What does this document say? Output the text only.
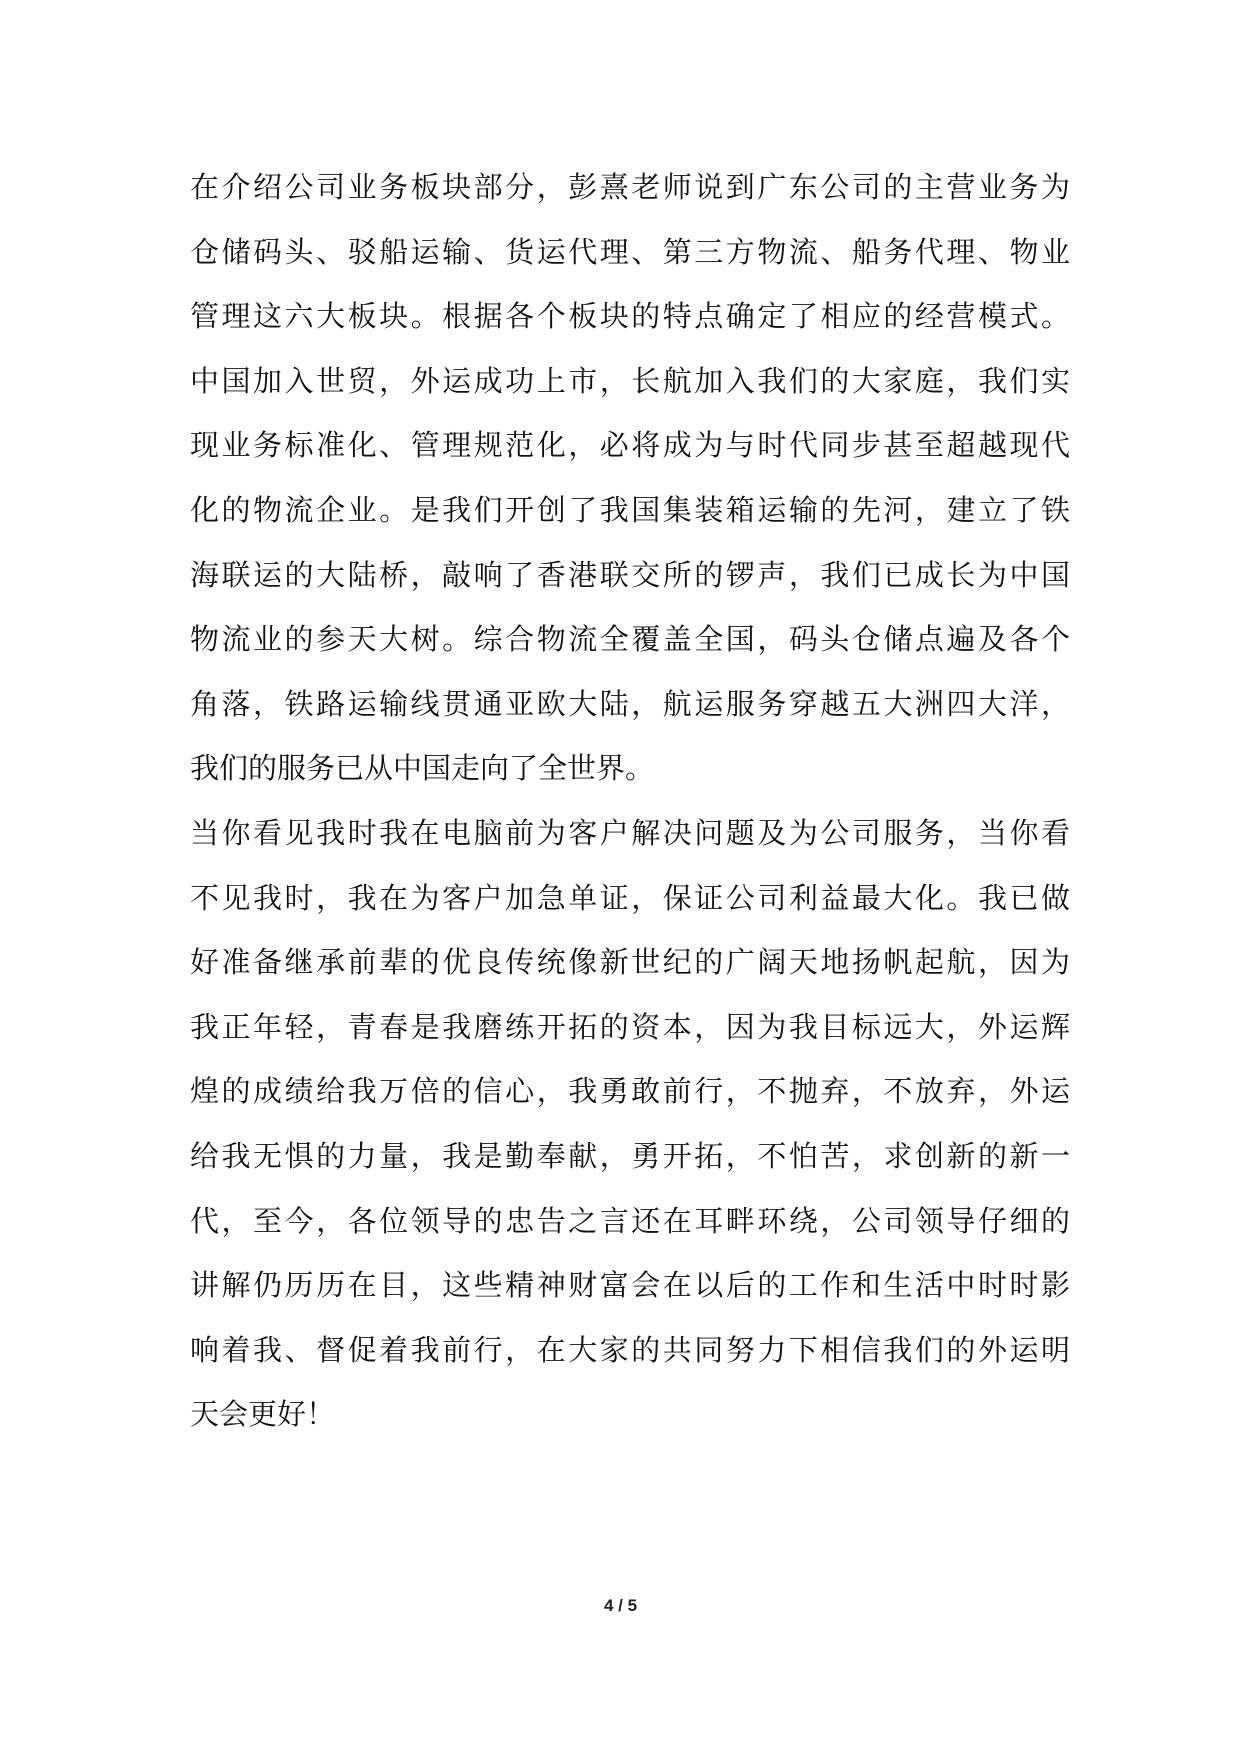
在介绍公司业务板块部分，彭熹老师说到广东公司的主营业务为
仓储码头、驳船运输、货运代理、第三方物流、船务代理、物业
管理这六大板块。根据各个板块的特点确定了相应的经营模式。
中国加入世贸，外运成功上市，长航加入我们的大家庭，我们实
现业务标准化、管理规范化，必将成为与时代同步甚至超越现代
化的物流企业。是我们开创了我国集装箱运输的先河，建立了铁
海联运的大陆桥，敲响了香港联交所的锣声，我们已成长为中国
物流业的参天大树。综合物流全覆盖全国，码头仓储点遍及各个
角落，铁路运输线贯通亚欧大陆，航运服务穿越五大洲四大洋，
我们的服务已从中国走向了全世界。
当你看见我时我在电脑前为客户解决问题及为公司服务，当你看
不见我时，我在为客户加急单证，保证公司利益最大化。我已做
好准备继承前辈的优良传统像新世纪的广阔天地扬帆起航，因为
我正年轻，青春是我磨练开拓的资本，因为我目标远大，外运辉
煌的成绩给我万倍的信心，我勇敢前行，不抛弃，不放弃，外运
给我无惧的力量，我是勤奉献，勇开拓，不怕苦，求创新的新一
代，至今，各位领导的忠告之言还在耳畔环绕，公司领导仔细的
讲解仍历历在目，这些精神财富会在以后的工作和生活中时时影
响着我、督促着我前行，在大家的共同努力下相信我们的外运明
天会更好！
4 / 5
